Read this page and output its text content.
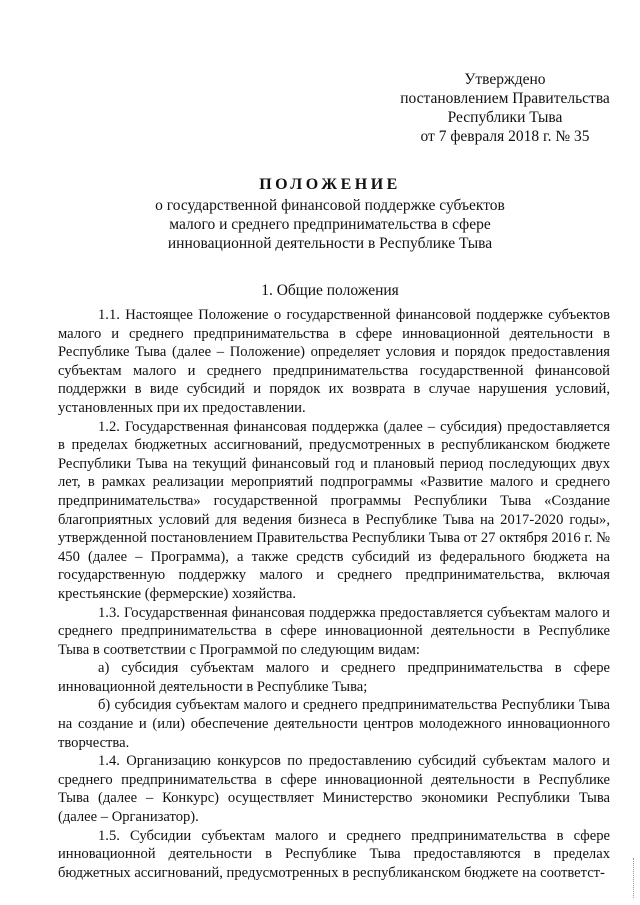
Утверждено
постановлением Правительства
Республики Тыва
от 7 февраля 2018 г. № 35
ПОЛОЖЕНИЕ
о государственной финансовой поддержке субъектов
малого и среднего предпринимательства в сфере
инновационной деятельности в Республике Тыва
1. Общие положения

1.1. Настоящее Положение о государственной финансовой поддержке субъектов малого и среднего предпринимательства в сфере инновационной деятельности в Республике Тыва (далее – Положение) определяет условия и порядок предоставления субъектам малого и среднего предпринимательства государственной финансовой поддержки в виде субсидий и порядок их возврата в случае нарушения условий, установленных при их предоставлении.

1.2. Государственная финансовая поддержка (далее – субсидия) предоставляется в пределах бюджетных ассигнований, предусмотренных в республиканском бюджете Республики Тыва на текущий финансовый год и плановый период последующих двух лет, в рамках реализации мероприятий подпрограммы «Развитие малого и среднего предпринимательства» государственной программы Республики Тыва «Создание благоприятных условий для ведения бизнеса в Республике Тыва на 2017-2020 годы», утвержденной постановлением Правительства Республики Тыва от 27 октября 2016 г. № 450 (далее – Программа), а также средств субсидий из федерального бюджета на государственную поддержку малого и среднего предпринимательства, включая крестьянские (фермерские) хозяйства.

1.3. Государственная финансовая поддержка предоставляется субъектам малого и среднего предпринимательства в сфере инновационной деятельности в Республике Тыва в соответствии с Программой по следующим видам:

а) субсидия субъектам малого и среднего предпринимательства в сфере инновационной деятельности в Республике Тыва;

б) субсидия субъектам малого и среднего предпринимательства Республики Тыва на создание и (или) обеспечение деятельности центров молодежного инновационного творчества.

1.4. Организацию конкурсов по предоставлению субсидий субъектам малого и среднего предпринимательства в сфере инновационной деятельности в Республике Тыва (далее – Конкурс) осуществляет Министерство экономики Республики Тыва (далее – Организатор).

1.5. Субсидии субъектам малого и среднего предпринимательства в сфере инновационной деятельности в Республике Тыва предоставляются в пределах бюджетных ассигнований, предусмотренных в республиканском бюджете на соответст-
